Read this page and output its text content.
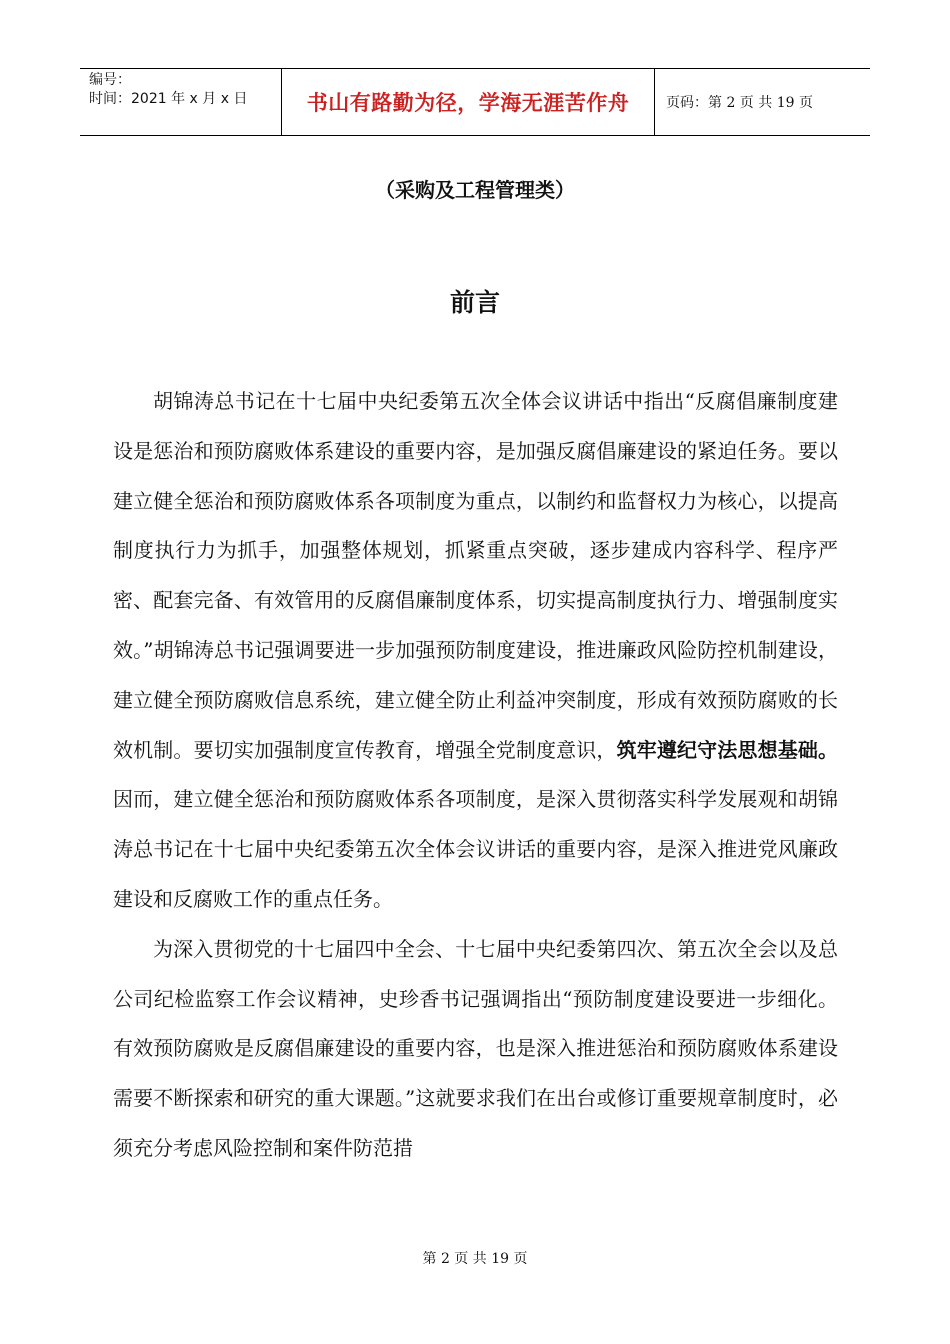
编号：
时间：2021 年 x 月 x 日	书山有路勤为径，学海无涯苦作舟	页码：第 2 页 共 19 页
（采购及工程管理类）
前言

胡锦涛总书记在十七届中央纪委第五次全体会议讲话中指出“反腐倡廉制度建设是惩治和预防腐败体系建设的重要内容，是加强反腐倡廉建设的紧迫任务。要以建立健全惩治和预防腐败体系各项制度为重点，以制约和监督权力为核心，以提高制度执行力为抓手，加强整体规划，抓紧重点突破，逐步建成内容科学、程序严密、配套完备、有效管用的反腐倡廉制度体系，切实提高制度执行力、增强制度实效。”胡锦涛总书记强调要进一步加强预防制度建设，推进廉政风险防控机制建设，建立健全预防腐败信息系统，建立健全防止利益冲突制度，形成有效预防腐败的长效机制。要切实加强制度宣传教育，增强全党制度意识，筑牢遵纪守法思想基础。因而，建立健全惩治和预防腐败体系各项制度，是深入贯彻落实科学发展观和胡锦涛总书记在十七届中央纪委第五次全体会议讲话的重要内容，是深入推进党风廉政建设和反腐败工作的重点任务。

为深入贯彻党的十七届四中全会、十七届中央纪委第四次、第五次全会以及总公司纪检监察工作会议精神，史珍香书记强调指出“预防制度建设要进一步细化。有效预防腐败是反腐倡廉建设的重要内容，也是深入推进惩治和预防腐败体系建设需要不断探索和研究的重大课题。”这就要求我们在出台或修订重要规章制度时，必须充分考虑风险控制和案件防范措

第 2 页 共 19 页
